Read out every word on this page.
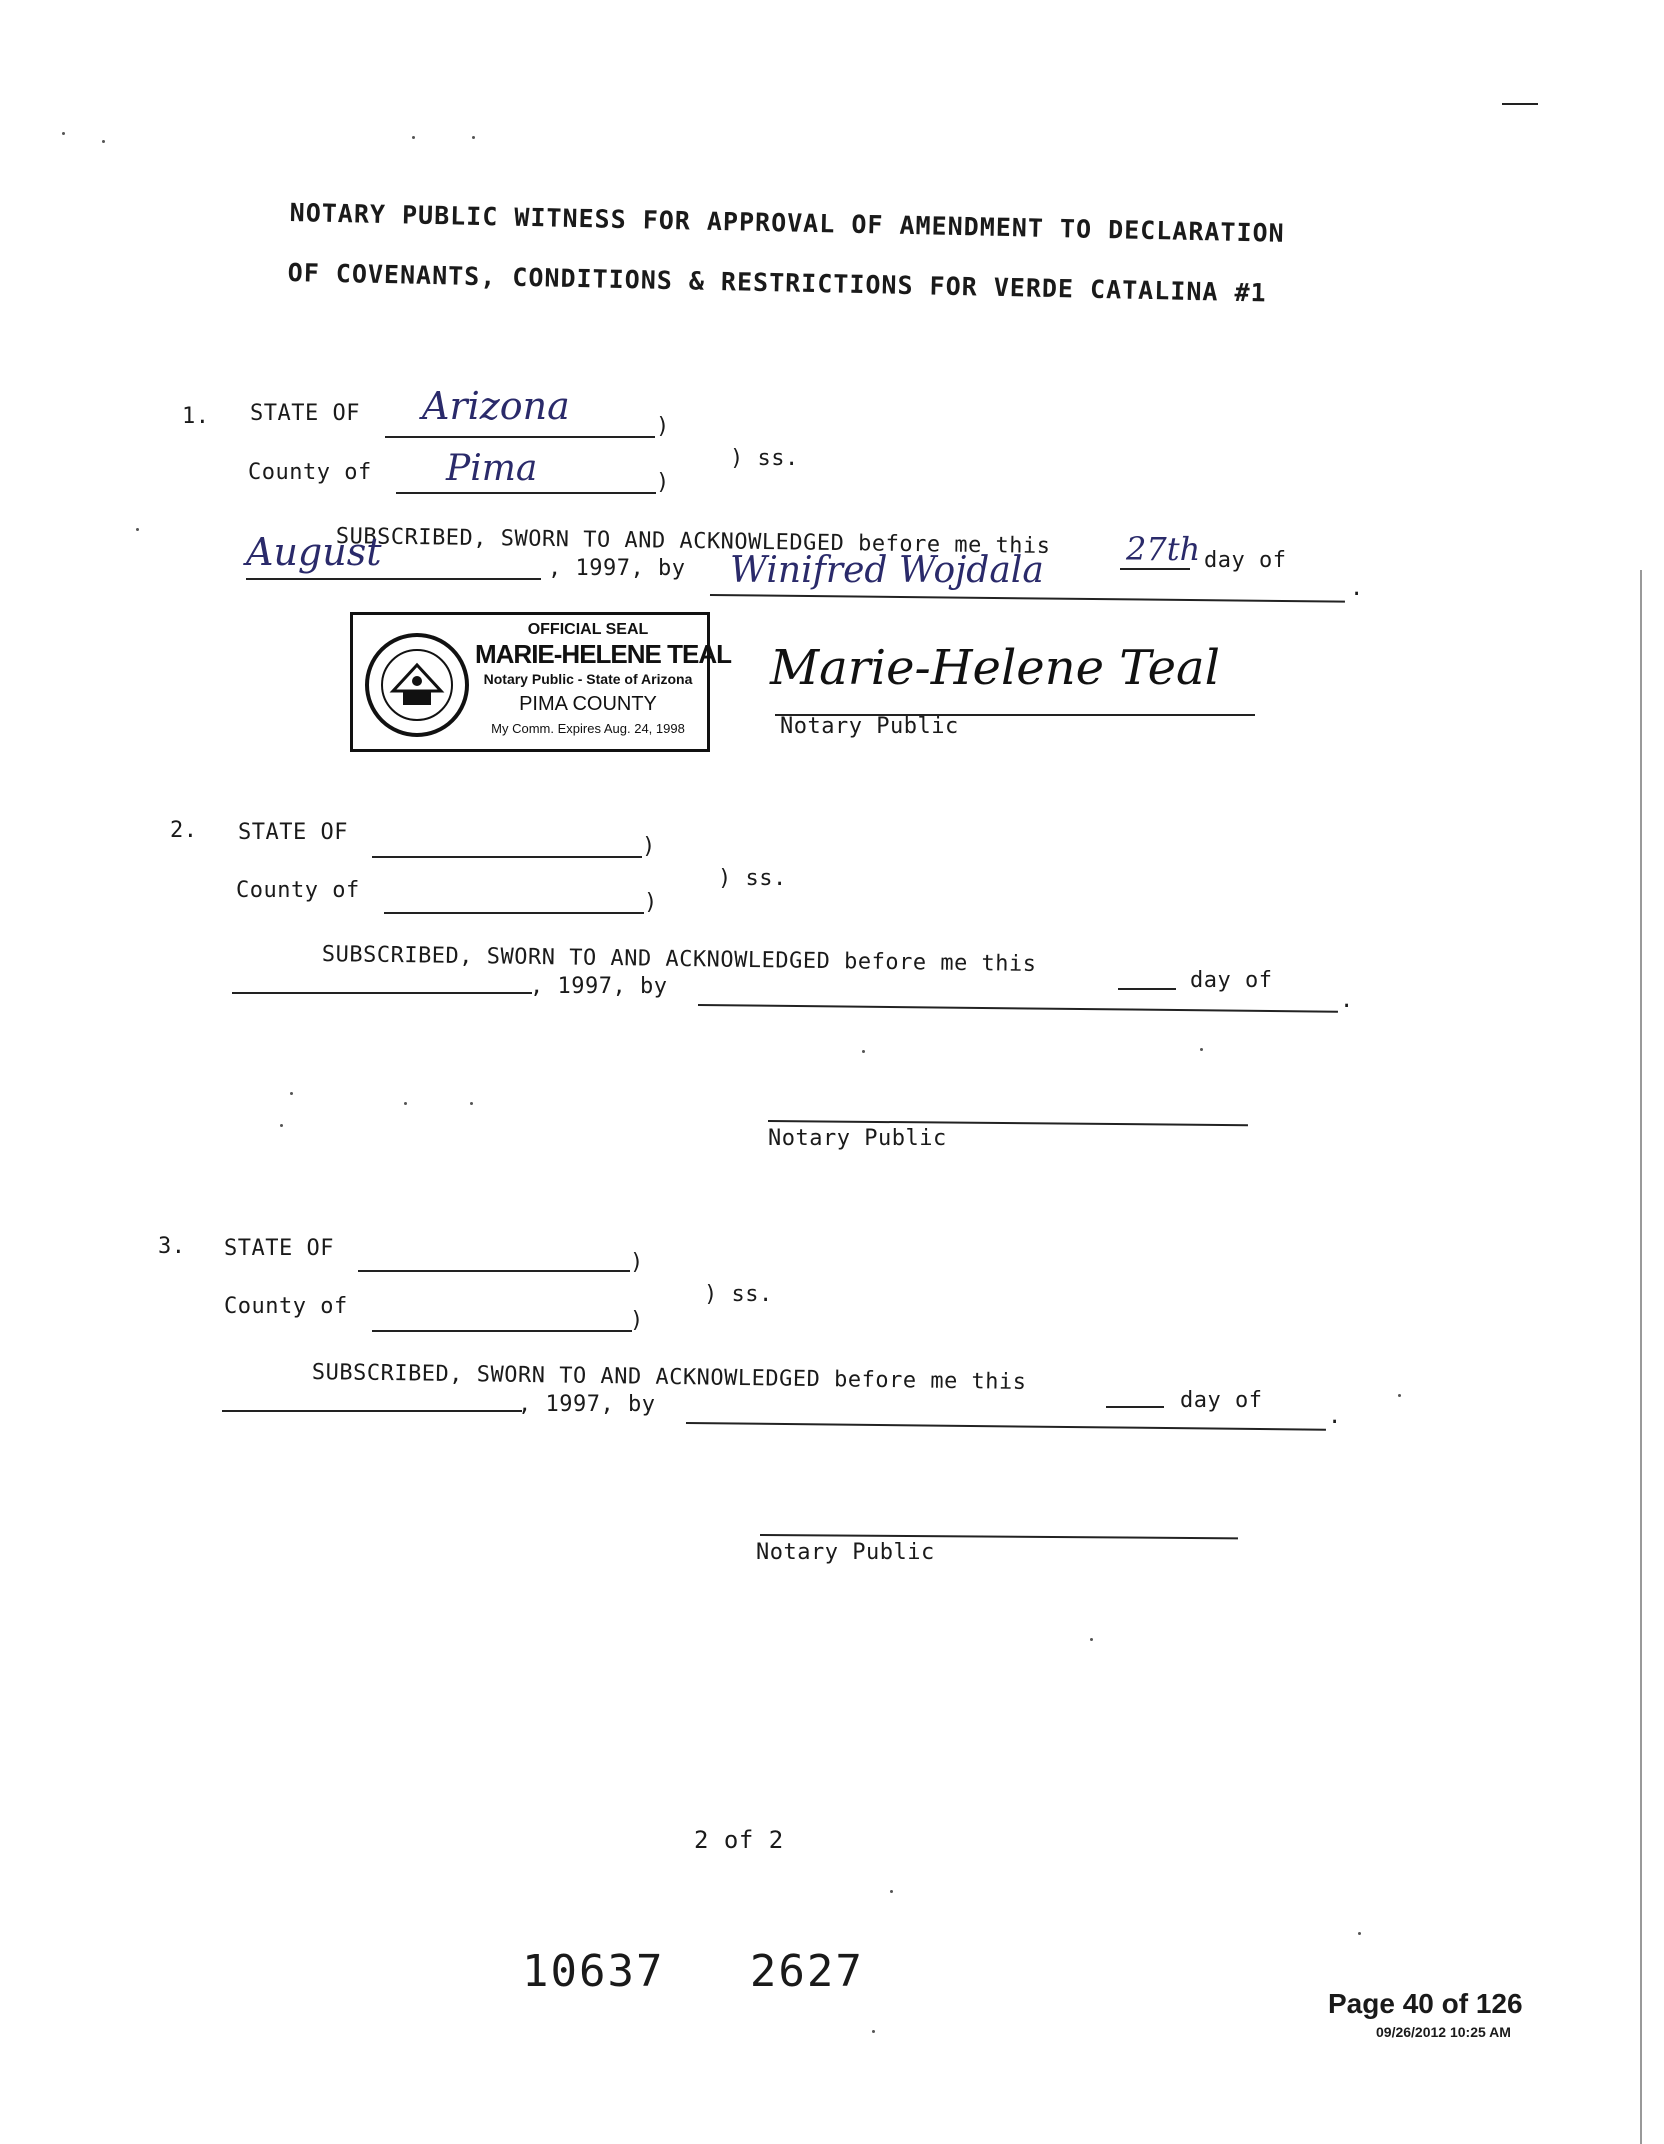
NOTARY PUBLIC WITNESS FOR APPROVAL OF AMENDMENT TO DECLARATION
OF COVENANTS, CONDITIONS & RESTRICTIONS FOR VERDE CATALINA #1
1. STATE OF Arizona	)
County of Pima	)
) ss.
SUBSCRIBED, SWORN TO AND ACKNOWLEDGED before me this 27th day of
August	, 1997, by Winifred Wojdala	.
OFFICIAL SEAL
MARIE-HELENE TEAL
Notary Public - State of Arizona
PIMA COUNTY
My Comm. Expires Aug. 24, 1998
Marie-Helene Teal
Notary Public
2. STATE OF
)
County of	)
) ss.
SUBSCRIBED, SWORN TO AND ACKNOWLEDGED before me this
day of
, 1997, by
.
Notary Public
3. STATE OF
)
County of
)
) ss.
SUBSCRIBED, SWORN TO AND ACKNOWLEDGED before me this
day of
, 1997, by	.
Notary Public
2 of 2
10637   2627
Page 40 of 126
09/26/2012 10:25 AM
